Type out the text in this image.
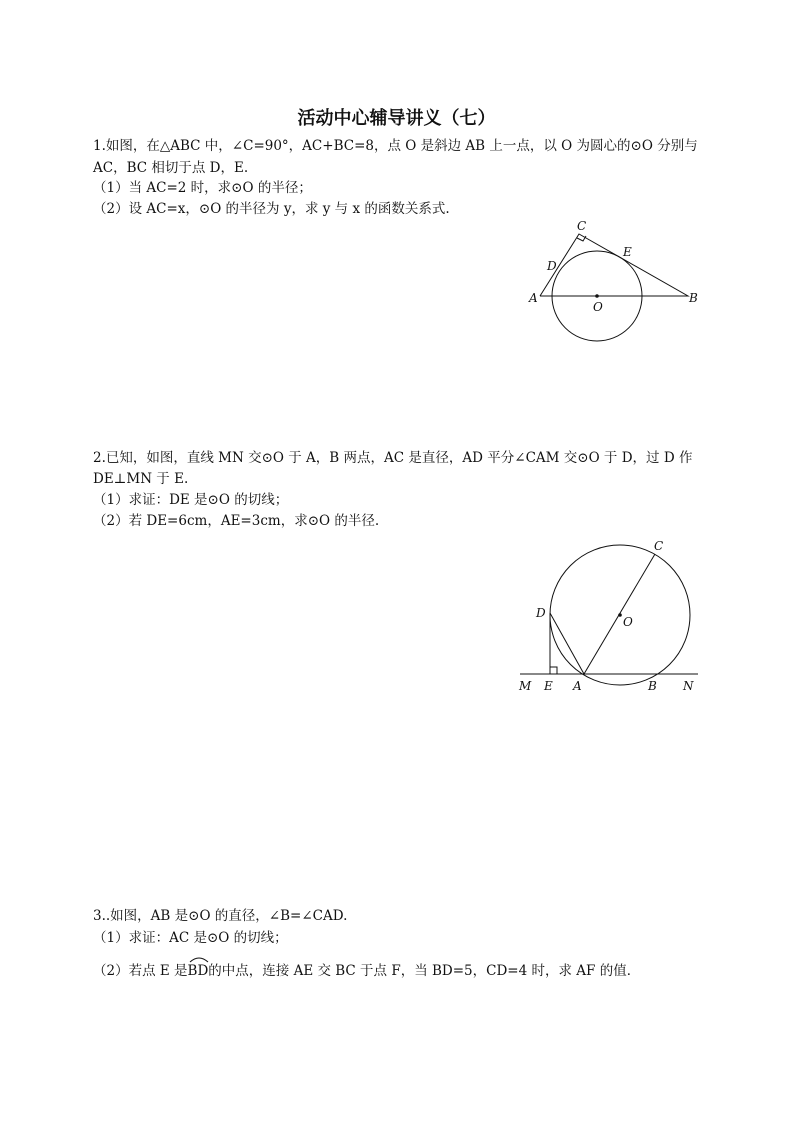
活动中心辅导讲义（七）
1.如图，在△ABC 中，∠C=90°，AC+BC=8，点 O 是斜边 AB 上一点，以 O 为圆心的⊙O 分别与
AC，BC 相切于点 D，E.
（1）当 AC=2 时，求⊙O 的半径；
（2）设 AC=x，⊙O 的半径为 y，求 y 与 x 的函数关系式.
C
E
D
A	B
O
2.已知，如图，直线 MN 交⊙O 于 A，B 两点，AC 是直径，AD 平分∠CAM 交⊙O 于 D，过 D 作
DE⊥MN 于 E.
（1）求证：DE 是⊙O 的切线；
（2）若 DE=6cm，AE=3cm，求⊙O 的半径.
C
D
O
M E A	B N
3..如图，AB 是⊙O 的直径，∠B=∠CAD.
（1）求证：AC 是⊙O 的切线；
（2）若点 E 是
BD的中点，连接 AE 交 BC 于点 F，当 BD=5，CD=4 时，求 AF 的值．
